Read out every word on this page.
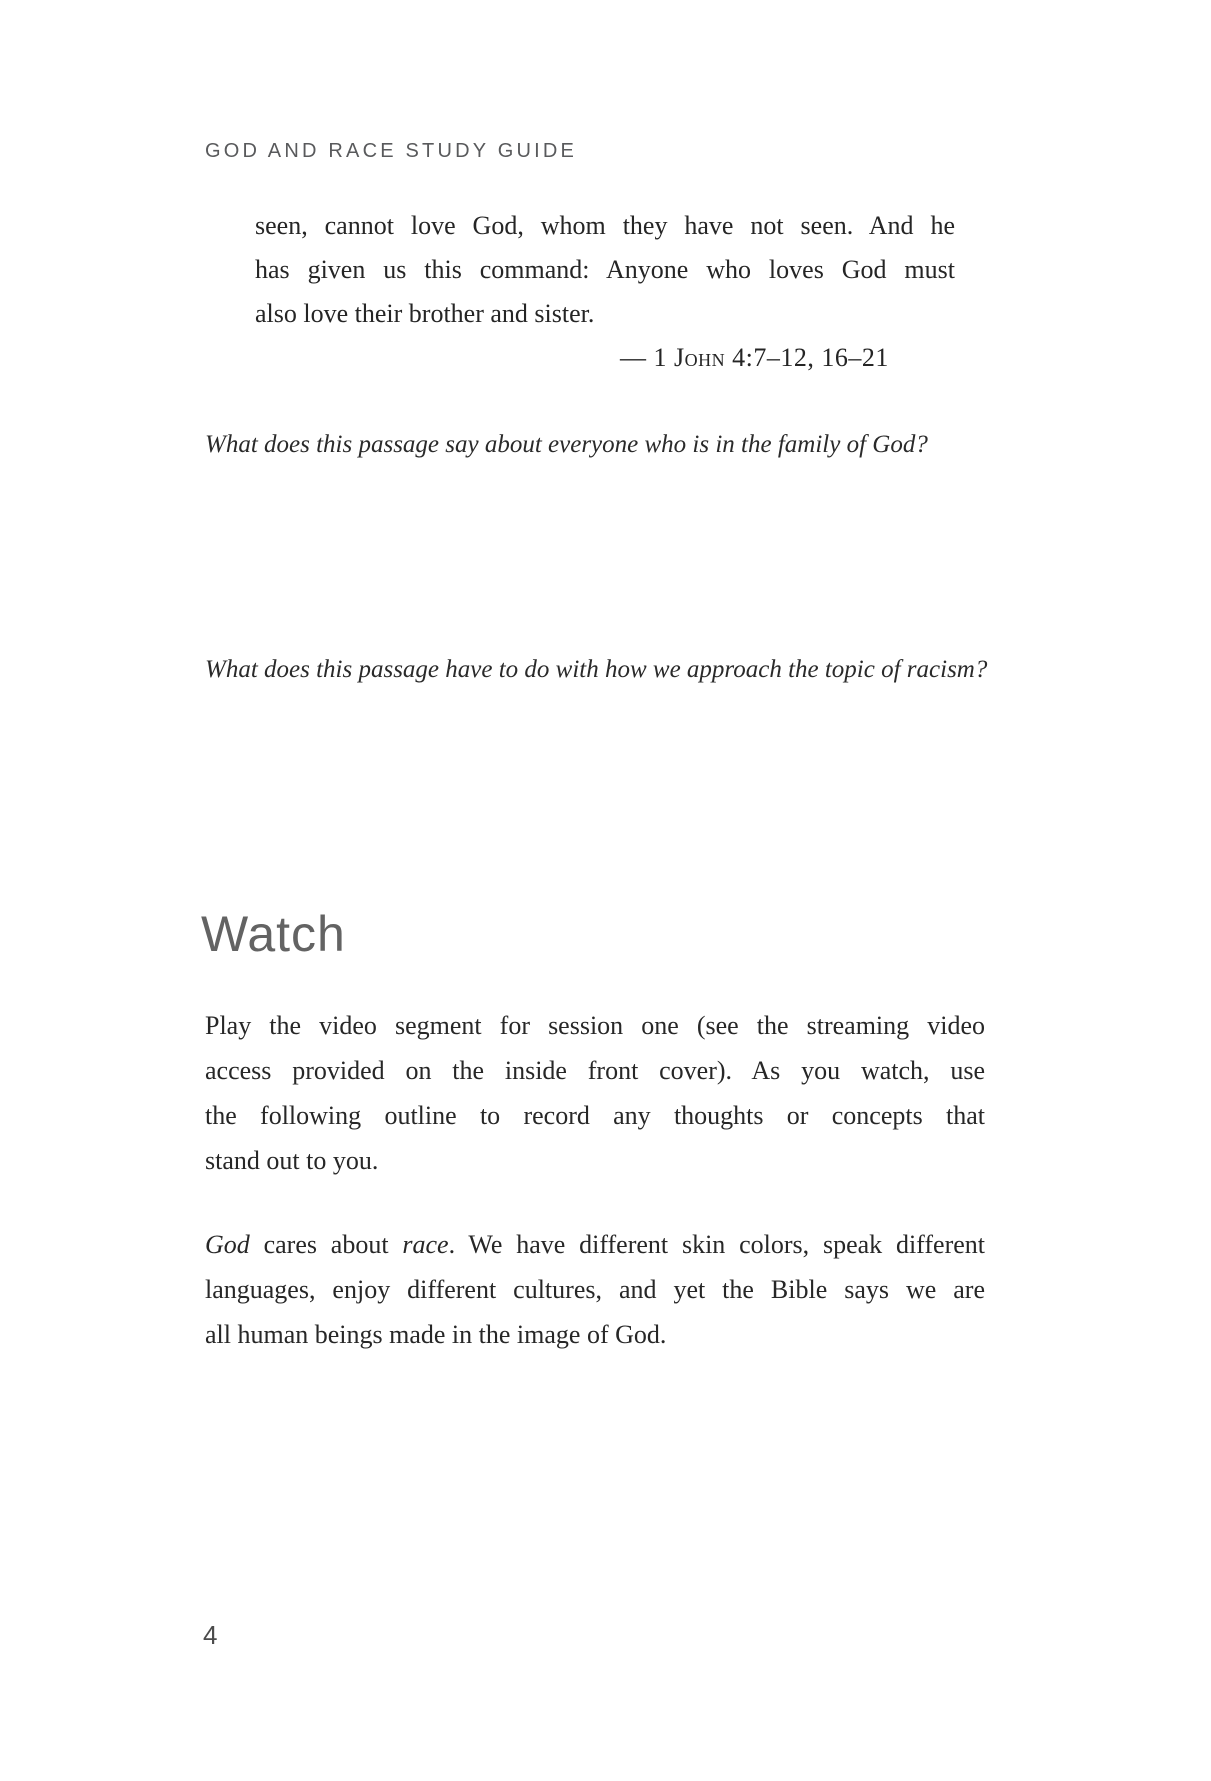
GOD AND RACE STUDY GUIDE
seen, cannot love God, whom they have not seen. And he
has given us this command: Anyone who loves God must
also love their brother and sister.
— 1 John 4:7–12, 16–21
What does this passage say about everyone who is in the family of God?
What does this passage have to do with how we approach the topic of racism?
Watch
Play the video segment for session one (see the streaming video
access provided on the inside front cover). As you watch, use
the following outline to record any thoughts or concepts that
stand out to you.
God cares about race. We have different skin colors, speak different
languages, enjoy different cultures, and yet the Bible says we are
all human beings made in the image of God.
4
